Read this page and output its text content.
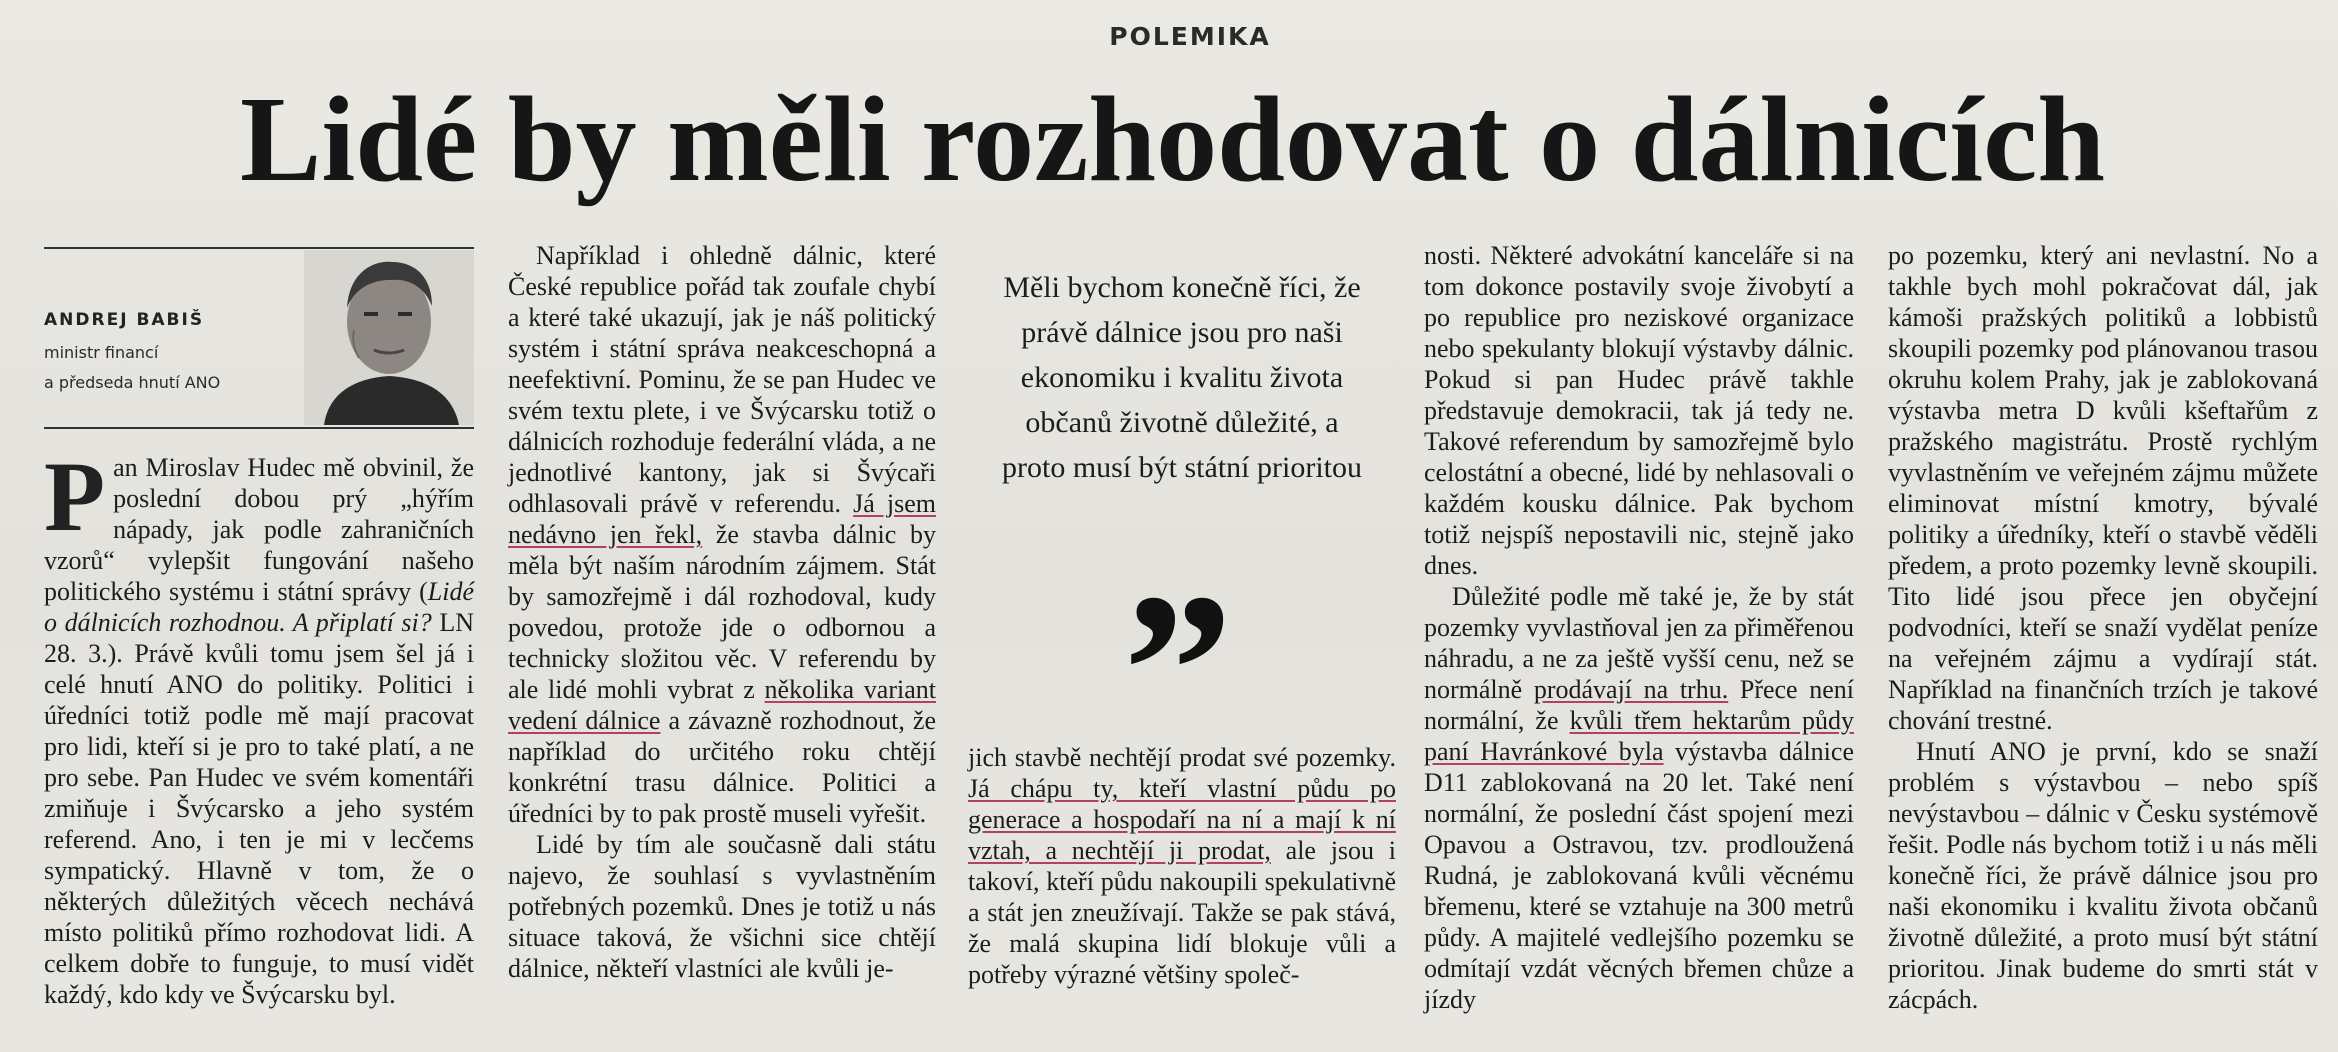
POLEMIKA
Lidé by měli rozhodovat o dálnicích
ANDREJ BABIŠ
ministr financí
a předseda hnutí ANO

Pan Miroslav Hudec mě obvinil, že poslední dobou prý „hýřím nápady, jak podle zahraničních vzorů“ vylepšit fungování našeho politického systému i státní správy (Lidé o dálnicích rozhodnou. A připlatí si? LN 28. 3.). Právě kvůli tomu jsem šel já i celé hnutí ANO do politiky. Politici i úředníci totiž podle mě mají pracovat pro lidi, kteří si je pro to také platí, a ne pro sebe. Pan Hudec ve svém komentáři zmiňuje i Švýcarsko a jeho systém referend. Ano, i ten je mi v lecčems sympatický. Hlavně v tom, že o některých důležitých věcech nechává místo politiků přímo rozhodovat lidi. A celkem dobře to funguje, to musí vidět každý, kdo kdy ve Švýcarsku byl.

Například i ohledně dálnic, které České republice pořád tak zoufale chybí a které také ukazují, jak je náš politický systém i státní správa neakceschopná a neefektivní. Pominu, že se pan Hudec ve svém textu plete, i ve Švýcarsku totiž o dálnicích rozhoduje federální vláda, a ne jednotlivé kantony, jak si Švýcaři odhlasovali právě v referendu. Já jsem nedávno jen řekl, že stavba dálnic by měla být naším národním zájmem. Stát by samozřejmě i dál rozhodoval, kudy povedou, protože jde o odbornou a technicky složitou věc. V referendu by ale lidé mohli vybrat z několika variant vedení dálnice a závazně rozhodnout, že například do určitého roku chtějí konkrétní trasu dálnice. Politici a úředníci by to pak prostě museli vyřešit.

Lidé by tím ale současně dali státu najevo, že souhlasí s vyvlastněním potřebných pozemků. Dnes je totiž u nás situace taková, že všichni sice chtějí dálnice, někteří vlastníci ale kvůli je-

Měli bychom konečně říci, že právě dálnice jsou pro naši ekonomiku i kvalitu života občanů životně důležité, a proto musí být státní prioritou
”

jich stavbě nechtějí prodat své pozemky. Já chápu ty, kteří vlastní půdu po generace a hospodaří na ní a mají k ní vztah, a nechtějí ji prodat, ale jsou i takoví, kteří půdu nakoupili spekulativně a stát jen zneužívají. Takže se pak stává, že malá skupina lidí blokuje vůli a potřeby výrazné většiny společ-

nosti. Některé advokátní kanceláře si na tom dokonce postavily svoje živobytí a po republice pro neziskové organizace nebo spekulanty blokují výstavby dálnic. Pokud si pan Hudec právě takhle představuje demokracii, tak já tedy ne. Takové referendum by samozřejmě bylo celostátní a obecné, lidé by nehlasovali o každém kousku dálnice. Pak bychom totiž nejspíš nepostavili nic, stejně jako dnes.

Důležité podle mě také je, že by stát pozemky vyvlastňoval jen za přiměřenou náhradu, a ne za ještě vyšší cenu, než se normálně prodávají na trhu. Přece není normální, že kvůli třem hektarům půdy paní Havránkové byla výstavba dálnice D11 zablokovaná na 20 let. Také není normální, že poslední část spojení mezi Opavou a Ostravou, tzv. prodloužená Rudná, je zablokovaná kvůli věcnému břemenu, které se vztahuje na 300 metrů půdy. A majitelé vedlejšího pozemku se odmítají vzdát věcných břemen chůze a jízdy

po pozemku, který ani nevlastní. No a takhle bych mohl pokračovat dál, jak kámoši pražských politiků a lobbistů skoupili pozemky pod plánovanou trasou okruhu kolem Prahy, jak je zablokovaná výstavba metra D kvůli kšeftařům z pražského magistrátu. Prostě rychlým vyvlastněním ve veřejném zájmu můžete eliminovat místní kmotry, bývalé politiky a úředníky, kteří o stavbě věděli předem, a proto pozemky levně skoupili. Tito lidé jsou přece jen obyčejní podvodníci, kteří se snaží vydělat peníze na veřejném zájmu a vydírají stát. Například na finančních trzích je takové chování trestné.

Hnutí ANO je první, kdo se snaží problém s výstavbou – nebo spíš nevýstavbou – dálnic v Česku systémově řešit. Podle nás bychom totiž i u nás měli konečně říci, že právě dálnice jsou pro naši ekonomiku i kvalitu života občanů životně důležité, a proto musí být státní prioritou. Jinak budeme do smrti stát v zácpách.
